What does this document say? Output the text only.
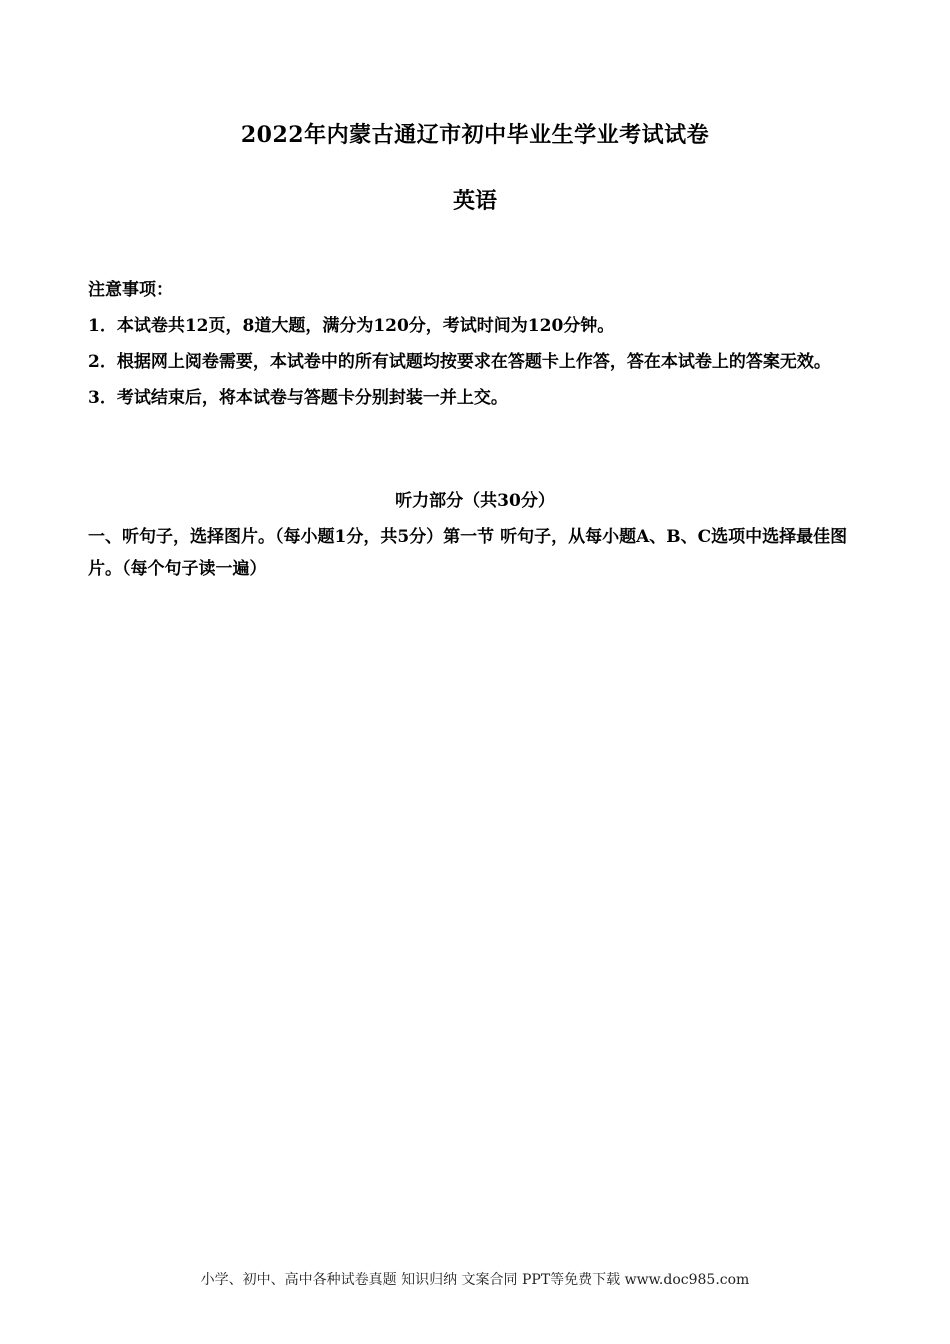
2022年内蒙古通辽市初中毕业生学业考试试卷
英语

注意事项：

1．本试卷共12页，8道大题，满分为120分，考试时间为120分钟。

2．根据网上阅卷需要，本试卷中的所有试题均按要求在答题卡上作答，答在本试卷上的答案无效。

3．考试结束后，将本试卷与答题卡分别封装一并上交。

听力部分（共30分）
一、听句子，选择图片。（每小题1分，共5分）第一节 听句子，从每小题A、B、C选项中选择最佳图片。（每个句子读一遍）
小学、初中、高中各种试卷真题 知识归纳 文案合同 PPT等免费下载 www.doc985.com
